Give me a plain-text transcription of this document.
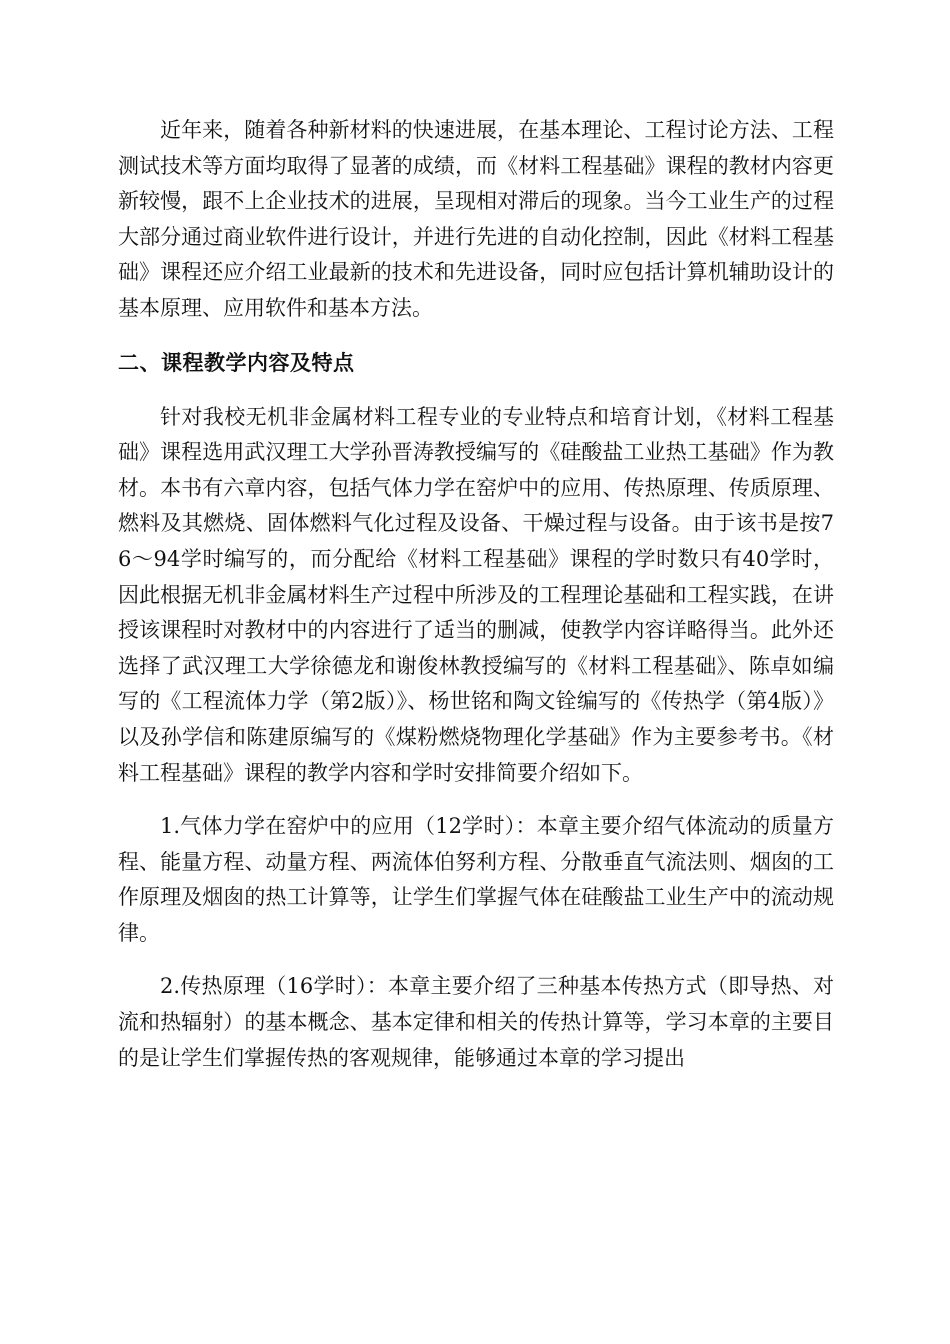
近年来，随着各种新材料的快速进展，在基本理论、工程讨论方法、工程测试技术等方面均取得了显著的成绩，而《材料工程基础》课程的教材内容更新较慢，跟不上企业技术的进展，呈现相对滞后的现象。当今工业生产的过程大部分通过商业软件进行设计，并进行先进的自动化控制，因此《材料工程基础》课程还应介绍工业最新的技术和先进设备，同时应包括计算机辅助设计的基本原理、应用软件和基本方法。

二、课程教学内容及特点

针对我校无机非金属材料工程专业的专业特点和培育计划，《材料工程基础》课程选用武汉理工大学孙晋涛教授编写的《硅酸盐工业热工基础》作为教材。本书有六章内容，包括气体力学在窑炉中的应用、传热原理、传质原理、燃料及其燃烧、固体燃料气化过程及设备、干燥过程与设备。由于该书是按76～94学时编写的，而分配给《材料工程基础》课程的学时数只有40学时，因此根据无机非金属材料生产过程中所涉及的工程理论基础和工程实践，在讲授该课程时对教材中的内容进行了适当的删减，使教学内容详略得当。此外还选择了武汉理工大学徐德龙和谢俊林教授编写的《材料工程基础》、陈卓如编写的《工程流体力学（第2版）》、杨世铭和陶文铨编写的《传热学（第4版）》以及孙学信和陈建原编写的《煤粉燃烧物理化学基础》作为主要参考书。《材料工程基础》课程的教学内容和学时安排简要介绍如下。

1.气体力学在窑炉中的应用（12学时）：本章主要介绍气体流动的质量方程、能量方程、动量方程、两流体伯努利方程、分散垂直气流法则、烟囱的工作原理及烟囱的热工计算等，让学生们掌握气体在硅酸盐工业生产中的流动规律。

2.传热原理（16学时）：本章主要介绍了三种基本传热方式（即导热、对流和热辐射）的基本概念、基本定律和相关的传热计算等，学习本章的主要目的是让学生们掌握传热的客观规律，能够通过本章的学习提出
